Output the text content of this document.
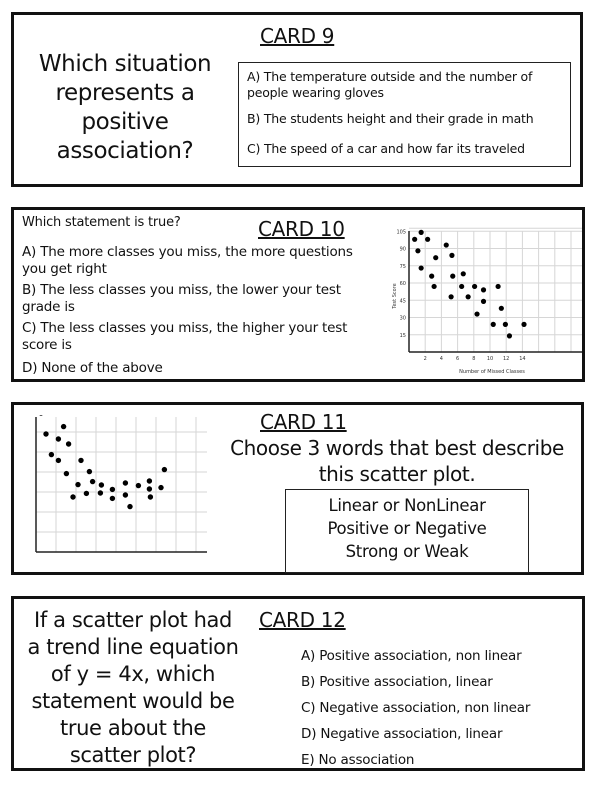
CARD 9
Which situation
represents a
positive
association?
A) The temperature outside and the number of people wearing gloves
B) The students height and their grade in math
C) The speed of a car and how far its traveled
Which statement is true?	CARD 10
A) The more classes you miss, the more questions you get right
B) The less classes you miss, the lower your test grade is
C) The less classes you miss, the higher your test score is
D) None of the above
15
30
45
60
75
90
105
2	4	6	8 10 12 14
Test Score
Number of Missed Classes
CARD 11
Choose 3 words that best describe
this scatter plot.
Linear or NonLinear
Positive or Negative
Strong or Weak
If a scatter plot had
a trend line equation
of y = 4x, which
statement would be
true about the
scatter plot?
CARD 12
A) Positive association, non linear
B) Positive association, linear
C) Negative association, non linear
D) Negative association, linear
E) No association
